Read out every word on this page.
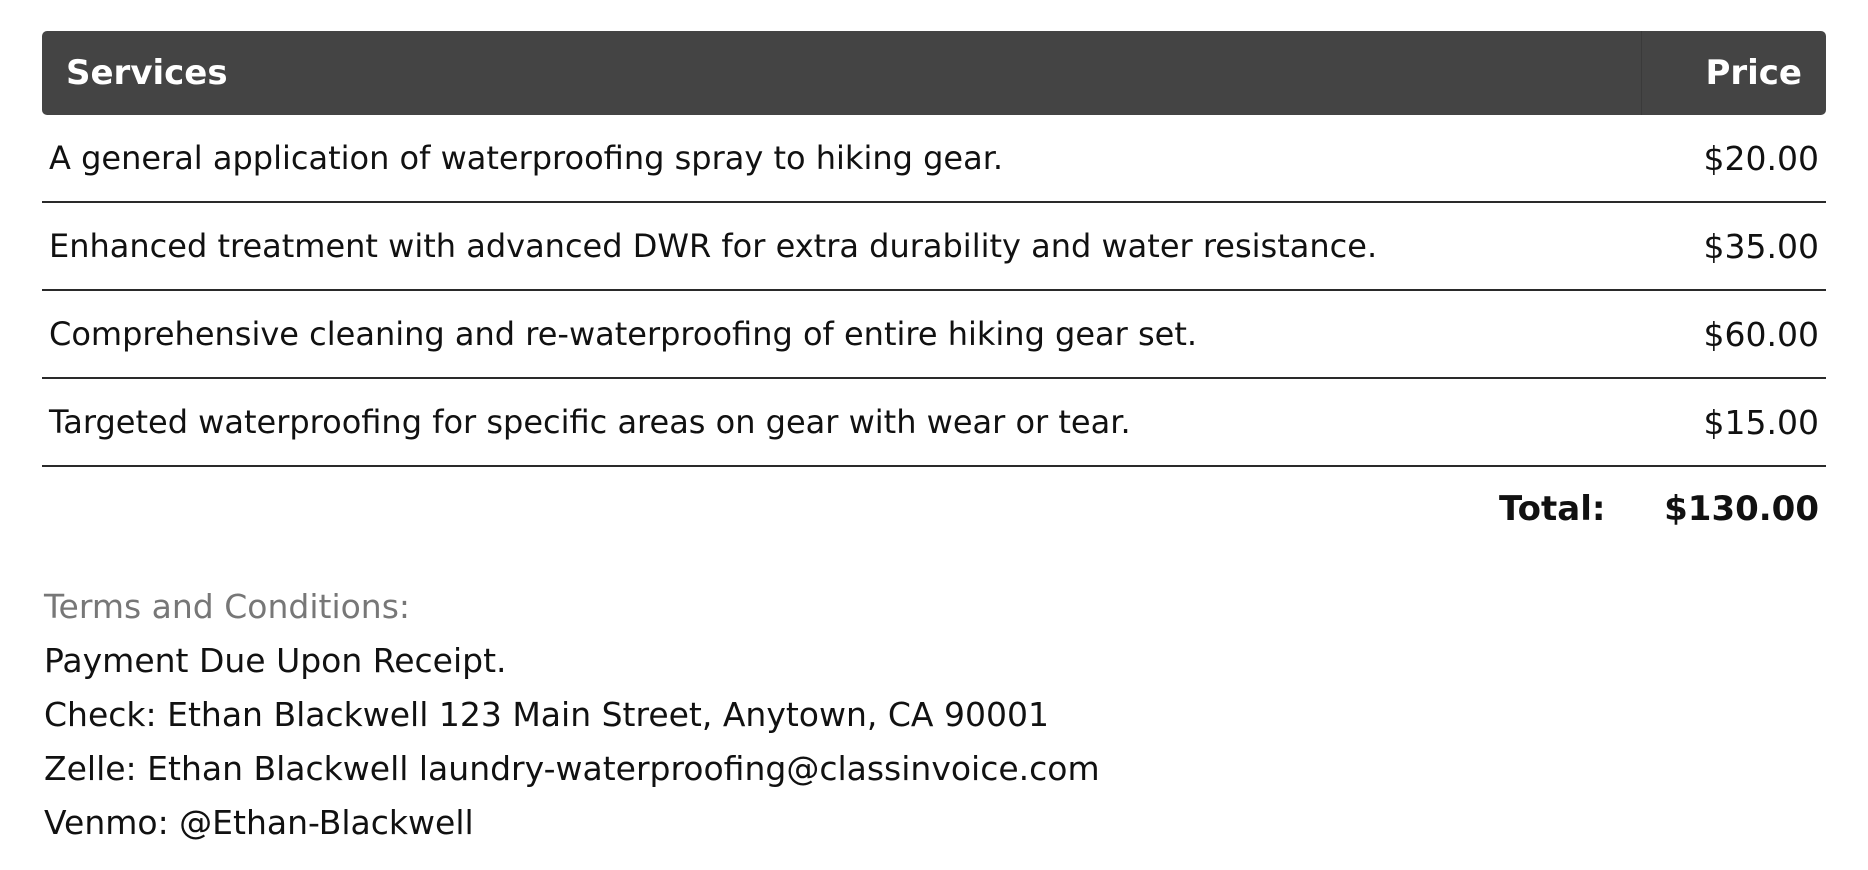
Services	Price
A general application of waterproofing spray to hiking gear.	$20.00
Enhanced treatment with advanced DWR for extra durability and water resistance.	$35.00
Comprehensive cleaning and re-waterproofing of entire hiking gear set.	$60.00
Targeted waterproofing for specific areas on gear with wear or tear.	$15.00
Total:	$130.00
Terms and Conditions:
Payment Due Upon Receipt.
Check: Ethan Blackwell 123 Main Street, Anytown, CA 90001
Zelle: Ethan Blackwell laundry-waterproofing@classinvoice.com
Venmo: @Ethan-Blackwell
